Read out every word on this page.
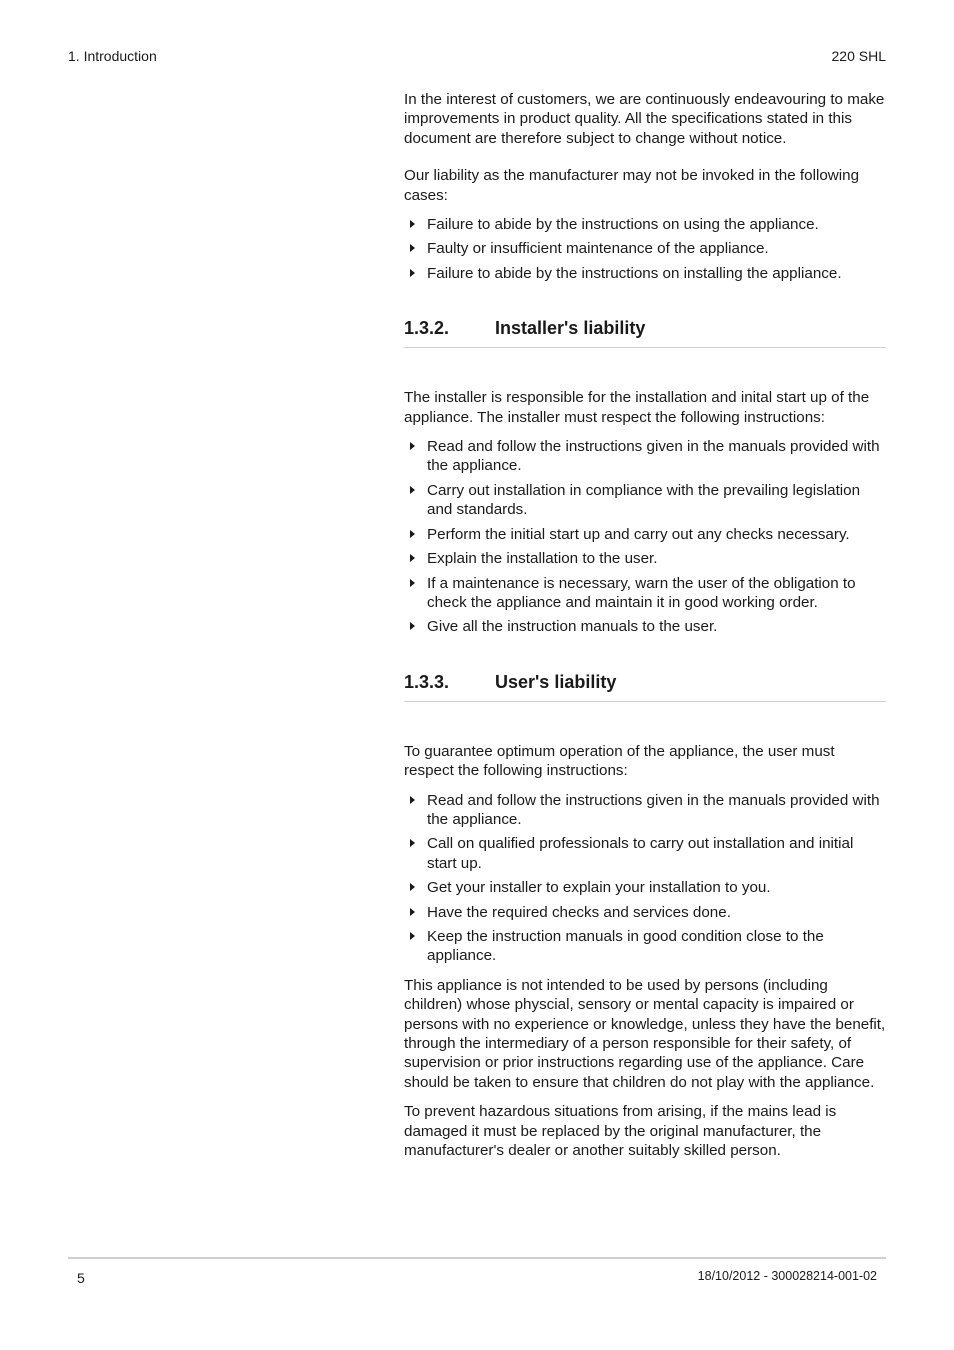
1. Introduction	220 SHL

In the interest of customers, we are continuously endeavouring to make improvements in product quality. All the specifications stated in this document are therefore subject to change without notice.

Our liability as the manufacturer may not be invoked in the following cases:

Failure to abide by the instructions on using the appliance.
Faulty or insufficient maintenance of the appliance.
Failure to abide by the instructions on installing the appliance.
1.3.2.	Installer's liability

The installer is responsible for the installation and inital start up of the appliance. The installer must respect the following instructions:

Read and follow the instructions given in the manuals provided with the appliance.
Carry out installation in compliance with the prevailing legislation and standards.
Perform the initial start up and carry out any checks necessary.
Explain the installation to the user.
If a maintenance is necessary, warn the user of the obligation to check the appliance and maintain it in good working order.
Give all the instruction manuals to the user.
1.3.3.	User's liability

To guarantee optimum operation of the appliance, the user must respect the following instructions:

Read and follow the instructions given in the manuals provided with the appliance.
Call on qualified professionals to carry out installation and initial start up.
Get your installer to explain your installation to you.
Have the required checks and services done.
Keep the instruction manuals in good condition close to the appliance.

This appliance is not intended to be used by persons (including children) whose physcial, sensory or mental capacity is impaired or persons with no experience or knowledge, unless they have the benefit, through the intermediary of a person responsible for their safety, of supervision or prior instructions regarding use of the appliance. Care should be taken to ensure that children do not play with the appliance.

To prevent hazardous situations from arising, if the mains lead is damaged it must be replaced by the original manufacturer, the manufacturer's dealer or another suitably skilled person.

5	18/10/2012 - 300028214-001-02
